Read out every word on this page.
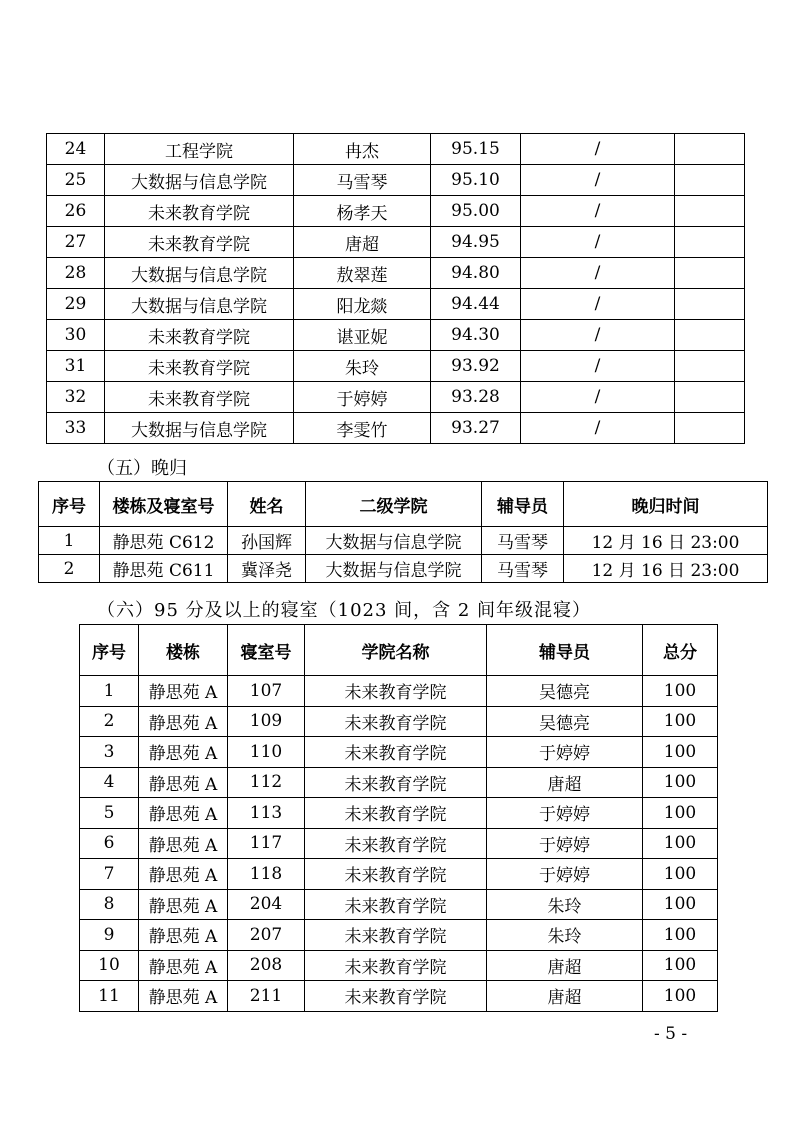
24	工程学院	冉杰	95.15	/	
25	大数据与信息学院	马雪琴	95.10	/	
26	未来教育学院	杨孝天	95.00	/	
27	未来教育学院	唐超	94.95	/	
28	大数据与信息学院	敖翠莲	94.80	/	
29	大数据与信息学院	阳龙燚	94.44	/	
30	未来教育学院	谌亚妮	94.30	/	
31	未来教育学院	朱玲	93.92	/	
32	未来教育学院	于婷婷	93.28	/	
33	大数据与信息学院	李雯竹	93.27	/	
（五）晚归
序号	楼栋及寝室号	姓名	二级学院	辅导员	晚归时间
1	静思苑 C612	孙国辉	大数据与信息学院	马雪琴	12 月 16 日 23:00
2	静思苑 C611	冀泽尧	大数据与信息学院	马雪琴	12 月 16 日 23:00
（六）95 分及以上的寝室（1023 间，含 2 间年级混寝）
序号	楼栋	寝室号	学院名称	辅导员	总分
1	静思苑 A	107	未来教育学院	吴德亮	100
2	静思苑 A	109	未来教育学院	吴德亮	100
3	静思苑 A	110	未来教育学院	于婷婷	100
4	静思苑 A	112	未来教育学院	唐超	100
5	静思苑 A	113	未来教育学院	于婷婷	100
6	静思苑 A	117	未来教育学院	于婷婷	100
7	静思苑 A	118	未来教育学院	于婷婷	100
8	静思苑 A	204	未来教育学院	朱玲	100
9	静思苑 A	207	未来教育学院	朱玲	100
10	静思苑 A	208	未来教育学院	唐超	100
11	静思苑 A	211	未来教育学院	唐超	100
- 5 -
